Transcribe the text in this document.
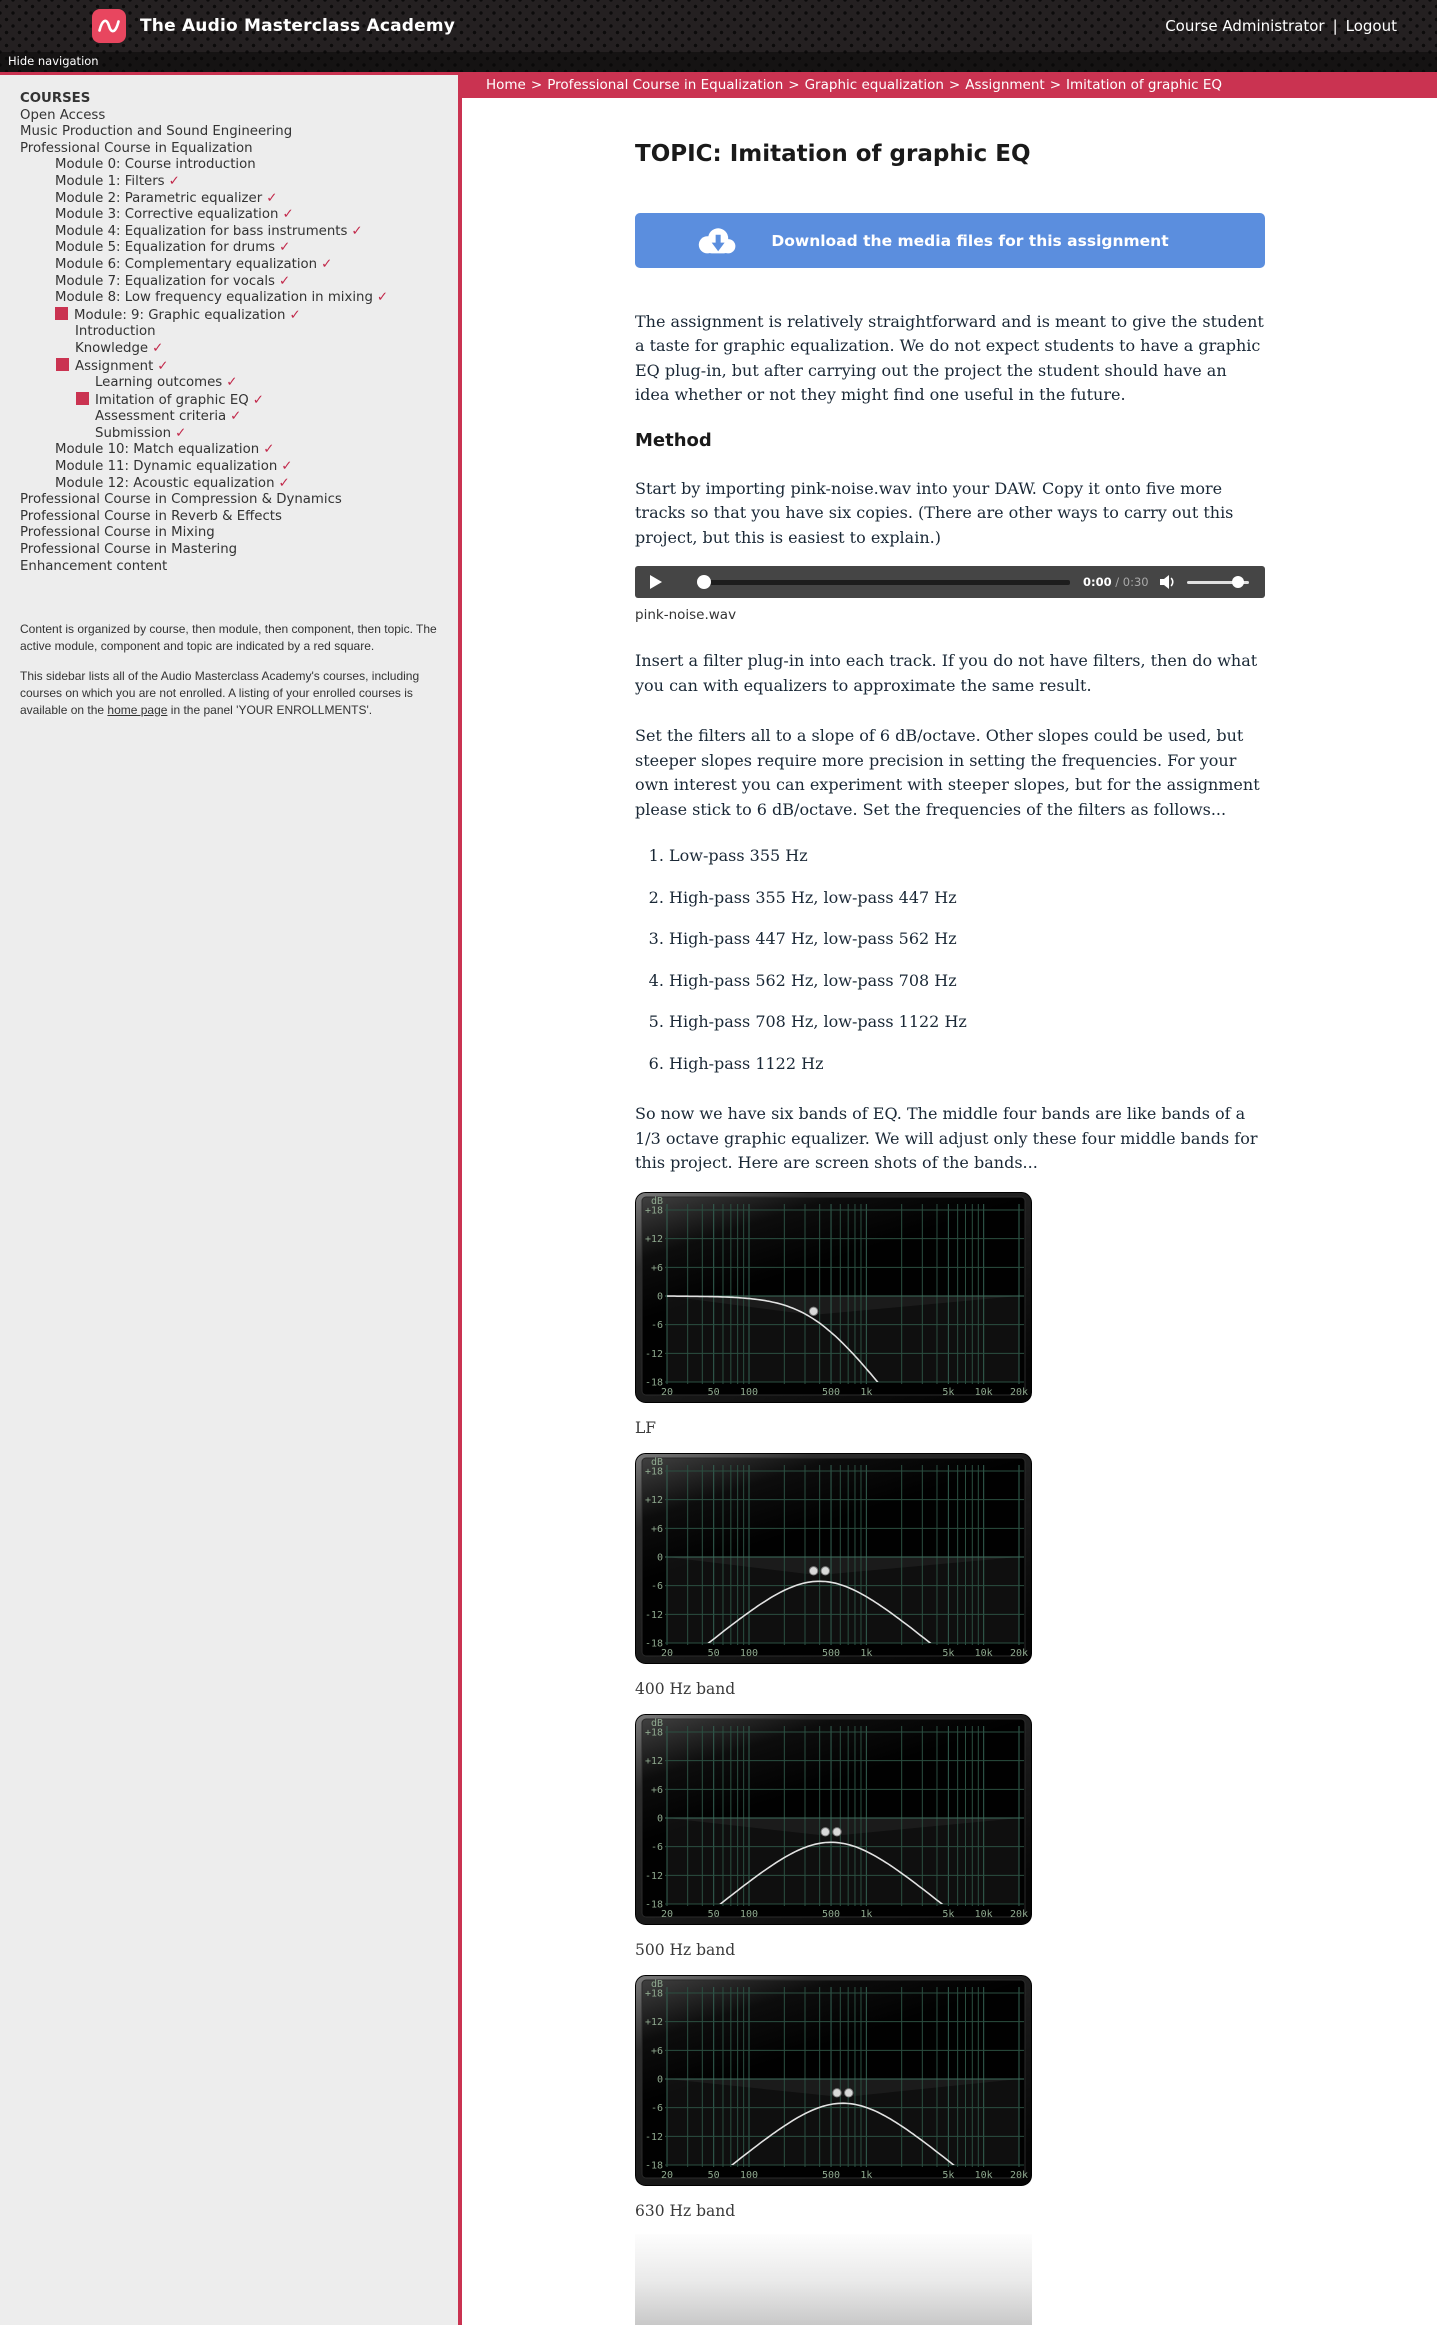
The Audio Masterclass Academy	Course Administrator | Logout
Hide navigation
COURSES
Open Access
Music Production and Sound Engineering
Professional Course in Equalization
Module 0: Course introduction
Module 1: Filters ✓
Module 2: Parametric equalizer ✓
Module 3: Corrective equalization ✓
Module 4: Equalization for bass instruments ✓
Module 5: Equalization for drums ✓
Module 6: Complementary equalization ✓
Module 7: Equalization for vocals ✓
Module 8: Low frequency equalization in mixing ✓
Module: 9: Graphic equalization ✓
Introduction
Knowledge ✓
Assignment ✓
Learning outcomes ✓
Imitation of graphic EQ ✓
Assessment criteria ✓
Submission ✓
Module 10: Match equalization ✓
Module 11: Dynamic equalization ✓
Module 12: Acoustic equalization ✓
Professional Course in Compression & Dynamics
Professional Course in Reverb & Effects
Professional Course in Mixing
Professional Course in Mastering
Enhancement content

Content is organized by course, then module, then component, then topic. The active module, component and topic are indicated by a red square.

This sidebar lists all of the Audio Masterclass Academy's courses, including courses on which you are not enrolled. A listing of your enrolled courses is available on the home page in the panel 'YOUR ENROLLMENTS'.

Home > Professional Course in Equalization > Graphic equalization > Assignment > Imitation of graphic EQ
TOPIC: Imitation of graphic EQ
Download the media files for this assignment

The assignment is relatively straightforward and is meant to give the student a taste for graphic equalization. We do not expect students to have a graphic EQ plug-in, but after carrying out the project the student should have an idea whether or not they might find one useful in the future.

Method

Start by importing pink-noise.wav into your DAW. Copy it onto five more tracks so that you have six copies. (There are other ways to carry out this project, but this is easiest to explain.)

0:00 / 0:30

pink-noise.wav

Insert a filter plug-in into each track. If you do not have filters, then do what you can with equalizers to approximate the same result.

Set the filters all to a slope of 6 dB/octave. Other slopes could be used, but steeper slopes require more precision in setting the frequencies. For your own interest you can experiment with steeper slopes, but for the assignment please stick to 6 dB/octave. Set the frequencies of the filters as follows...

1. Low-pass 355 Hz
2. High-pass 355 Hz, low-pass 447 Hz
3. High-pass 447 Hz, low-pass 562 Hz
4. High-pass 562 Hz, low-pass 708 Hz
5. High-pass 708 Hz, low-pass 1122 Hz
6. High-pass 1122 Hz

So now we have six bands of EQ. The middle four bands are like bands of a 1/3 octave graphic equalizer. We will adjust only these four middle bands for this project. Here are screen shots of the bands...

dB
+18
+12
+6
0
-6
-12
-18
20	50 100	500 1k	5k 10k 20k
LF
dB
+18
+12
+6
0
-6
-12
-18
20	50 100	500 1k	5k 10k 20k
400 Hz band
dB
+18
+12
+6
0
-6
-12
-18
20	50 100	500 1k	5k 10k 20k
500 Hz band
dB
+18
+12
+6
0
-6
-12
-18
20	50 100	500 1k	5k 10k 20k
630 Hz band
